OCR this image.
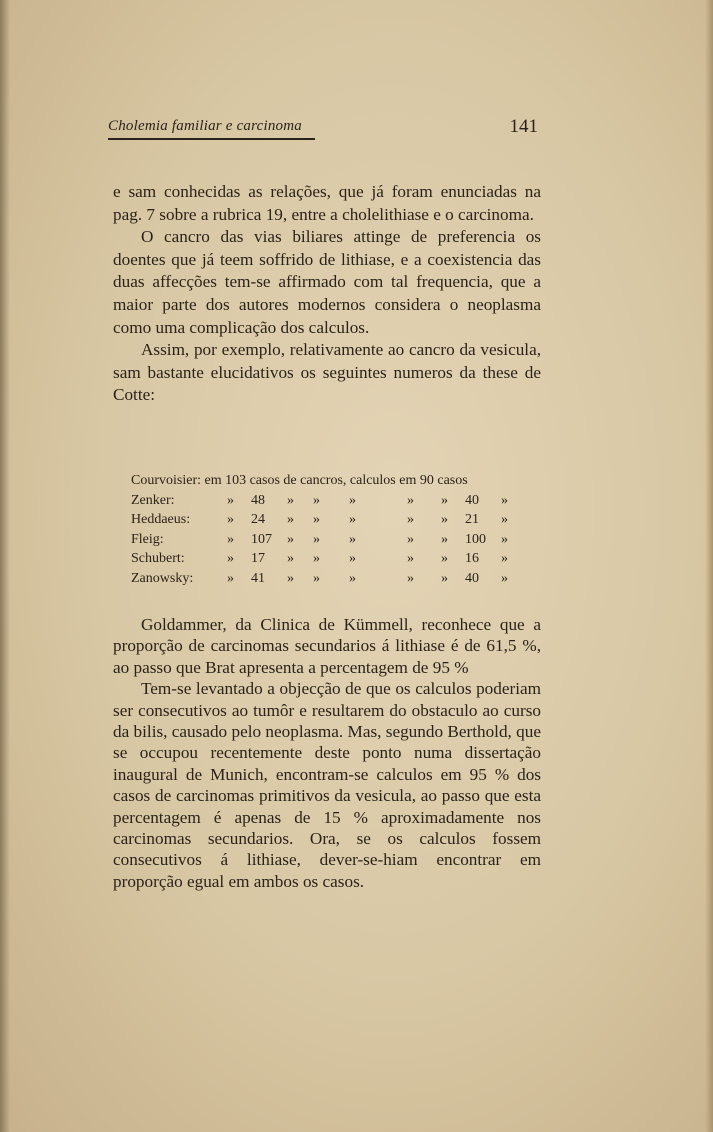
Cholemia familiar e carcinoma	141

e sam conhecidas as relações, que já foram enunciadas na pag. 7 sobre a rubrica 19, entre a cholelithiase e o carcinoma.

O cancro das vias biliares attinge de preferencia os doentes que já teem soffrido de lithiase, e a coexistencia das duas affecções tem-se affirmado com tal frequencia, que a maior parte dos autores modernos considera o neoplasma como uma complicação dos calculos.

Assim, por exemplo, relativamente ao cancro da vesicula, sam bastante elucidativos os seguintes numeros da these de Cotte:

Courvoisier: em 103 casos de cancros, calculos em 90 casos
Zenker:	» 48 » » »	» » 40 »
Heddaeus:	» 24 » » »	» » 21 »
Fleig:	» 107 » » »	» » 100 »
Schubert:	» 17 » » »	» » 16 »
Zanowsky: » 41 » » »	» » 40 »

Goldammer, da Clinica de Kümmell, reconhece que a proporção de carcinomas secundarios á lithiase é de 61,5 %, ao passo que Brat apresenta a percentagem de 95 %

Tem-se levantado a objecção de que os calculos poderiam ser consecutivos ao tumôr e resultarem do obstaculo ao curso da bilis, causado pelo neoplasma. Mas, segundo Berthold, que se occupou recentemente deste ponto numa dissertação inaugural de Munich, encontram-se calculos em 95 % dos casos de carcinomas primitivos da vesicula, ao passo que esta percentagem é apenas de 15 % aproximadamente nos carcinomas secundarios. Ora, se os calculos fossem consecutivos á lithiase, dever-se-hiam encontrar em proporção egual em ambos os casos.
